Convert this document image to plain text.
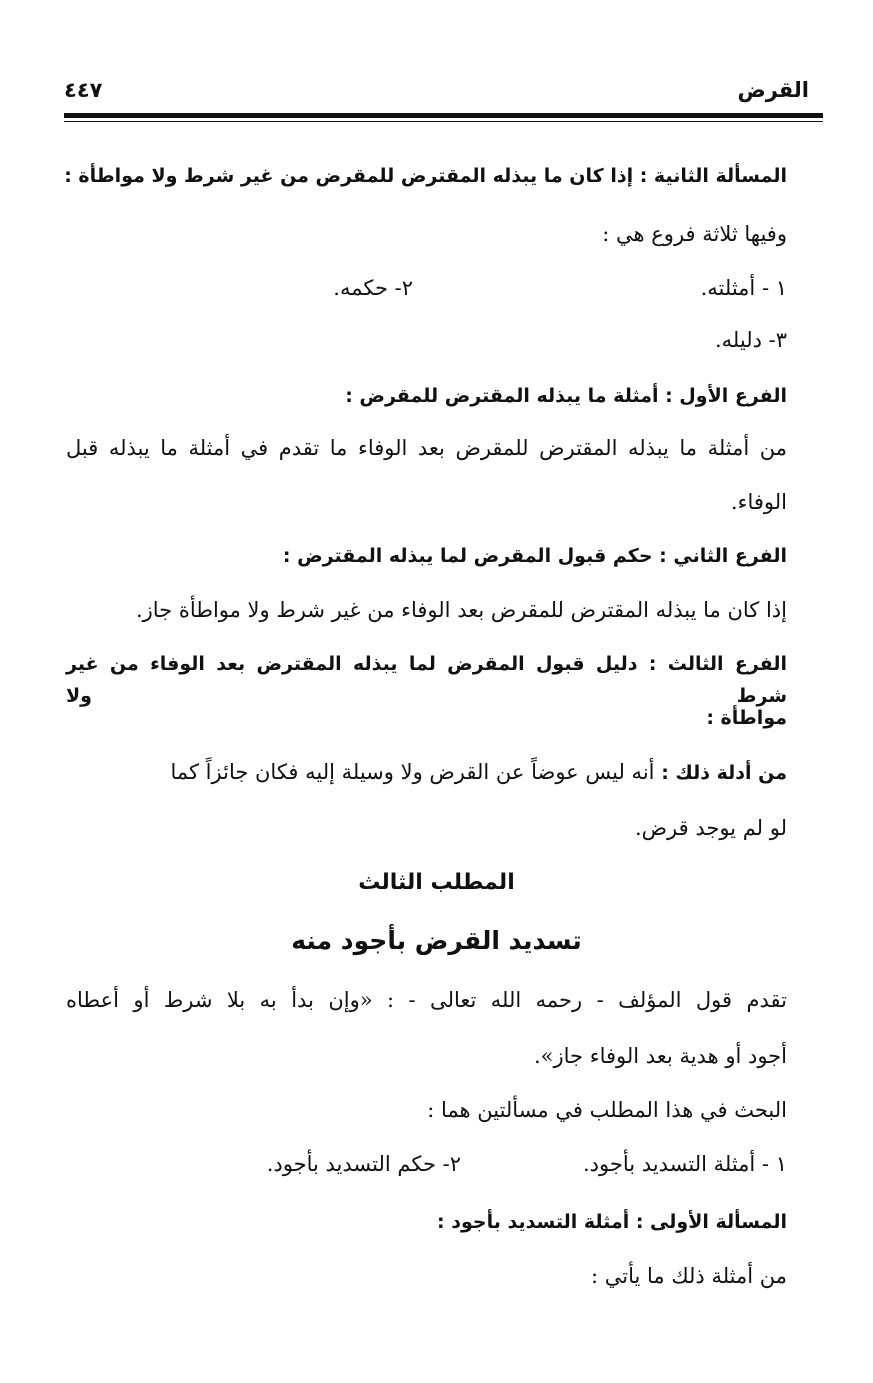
القرض
٤٤٧
المسألة الثانية : إذا كان ما يبذله المقترض للمقرض من غير شرط ولا مواطأة :
وفيها ثلاثة فروع هي :
١ - أمثلته.
٢- حكمه.
٣- دليله.
الفرع الأول : أمثلة ما يبذله المقترض للمقرض :
من أمثلة ما يبذله المقترض للمقرض بعد الوفاء ما تقدم في أمثلة ما يبذله قبل
الوفاء.
الفرع الثاني : حكم قبول المقرض لما يبذله المقترض :
إذا كان ما يبذله المقترض للمقرض بعد الوفاء من غير شرط ولا مواطأة جاز.
الفرع الثالث : دليل قبول المقرض لما يبذله المقترض بعد الوفاء من غير شرط ولا
مواطأة :
من أدلة ذلك : أنه ليس عوضاً عن القرض ولا وسيلة إليه فكان جائزاً كما
لو لم يوجد قرض.
المطلب الثالث
تسديد القرض بأجود منه
تقدم قول المؤلف - رحمه الله تعالى - : «وإن بدأ به بلا شرط أو أعطاه
أجود أو هدية بعد الوفاء جاز».
البحث في هذا المطلب في مسألتين هما :
١ - أمثلة التسديد بأجود.
٢- حكم التسديد بأجود.
المسألة الأولى : أمثلة التسديد بأجود :
من أمثلة ذلك ما يأتي :
